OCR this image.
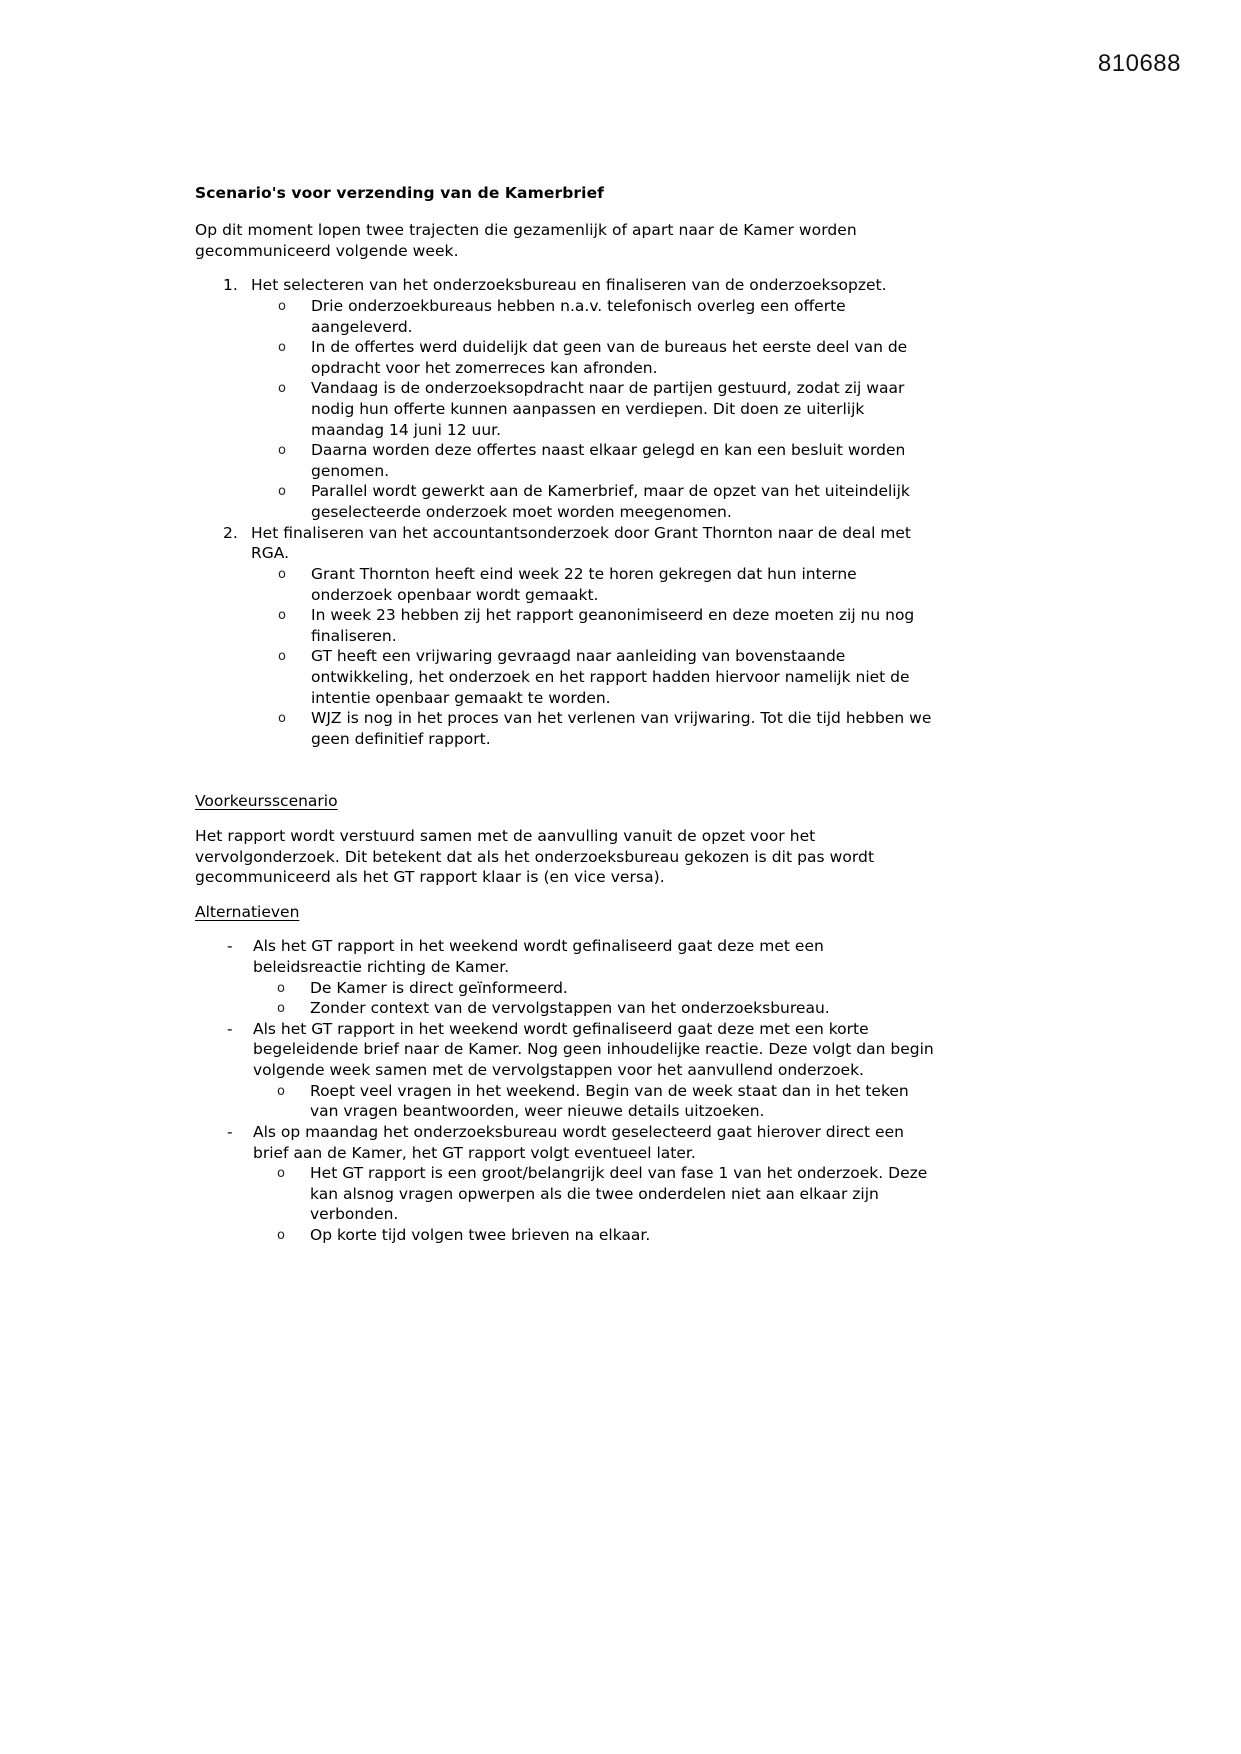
810688
Scenario's voor verzending van de Kamerbrief

Op dit moment lopen twee trajecten die gezamenlijk of apart naar de Kamer worden gecommuniceerd volgende week.

1. Het selecteren van het onderzoeksbureau en finaliseren van de onderzoeksopzet.
o Drie onderzoekbureaus hebben n.a.v. telefonisch overleg een offerte aangeleverd.
o In de offertes werd duidelijk dat geen van de bureaus het eerste deel van de opdracht voor het zomerreces kan afronden.
o Vandaag is de onderzoeksopdracht naar de partijen gestuurd, zodat zij waar nodig hun offerte kunnen aanpassen en verdiepen. Dit doen ze uiterlijk maandag 14 juni 12 uur.
o Daarna worden deze offertes naast elkaar gelegd en kan een besluit worden genomen.
o Parallel wordt gewerkt aan de Kamerbrief, maar de opzet van het uiteindelijk geselecteerde onderzoek moet worden meegenomen.
2. Het finaliseren van het accountantsonderzoek door Grant Thornton naar de deal met RGA.
o Grant Thornton heeft eind week 22 te horen gekregen dat hun interne onderzoek openbaar wordt gemaakt.
o In week 23 hebben zij het rapport geanonimiseerd en deze moeten zij nu nog finaliseren.
o GT heeft een vrijwaring gevraagd naar aanleiding van bovenstaande ontwikkeling, het onderzoek en het rapport hadden hiervoor namelijk niet de intentie openbaar gemaakt te worden.
o WJZ is nog in het proces van het verlenen van vrijwaring. Tot die tijd hebben we geen definitief rapport.
Voorkeursscenario

Het rapport wordt verstuurd samen met de aanvulling vanuit de opzet voor het vervolgonderzoek. Dit betekent dat als het onderzoeksbureau gekozen is dit pas wordt gecommuniceerd als het GT rapport klaar is (en vice versa).

Alternatieven
- Als het GT rapport in het weekend wordt gefinaliseerd gaat deze met een beleidsreactie richting de Kamer.
o De Kamer is direct geïnformeerd.
o Zonder context van de vervolgstappen van het onderzoeksbureau.
- Als het GT rapport in het weekend wordt gefinaliseerd gaat deze met een korte begeleidende brief naar de Kamer. Nog geen inhoudelijke reactie. Deze volgt dan begin volgende week samen met de vervolgstappen voor het aanvullend onderzoek.
o Roept veel vragen in het weekend. Begin van de week staat dan in het teken van vragen beantwoorden, weer nieuwe details uitzoeken.
- Als op maandag het onderzoeksbureau wordt geselecteerd gaat hierover direct een brief aan de Kamer, het GT rapport volgt eventueel later.
o Het GT rapport is een groot/belangrijk deel van fase 1 van het onderzoek. Deze kan alsnog vragen opwerpen als die twee onderdelen niet aan elkaar zijn verbonden.
o Op korte tijd volgen twee brieven na elkaar.
